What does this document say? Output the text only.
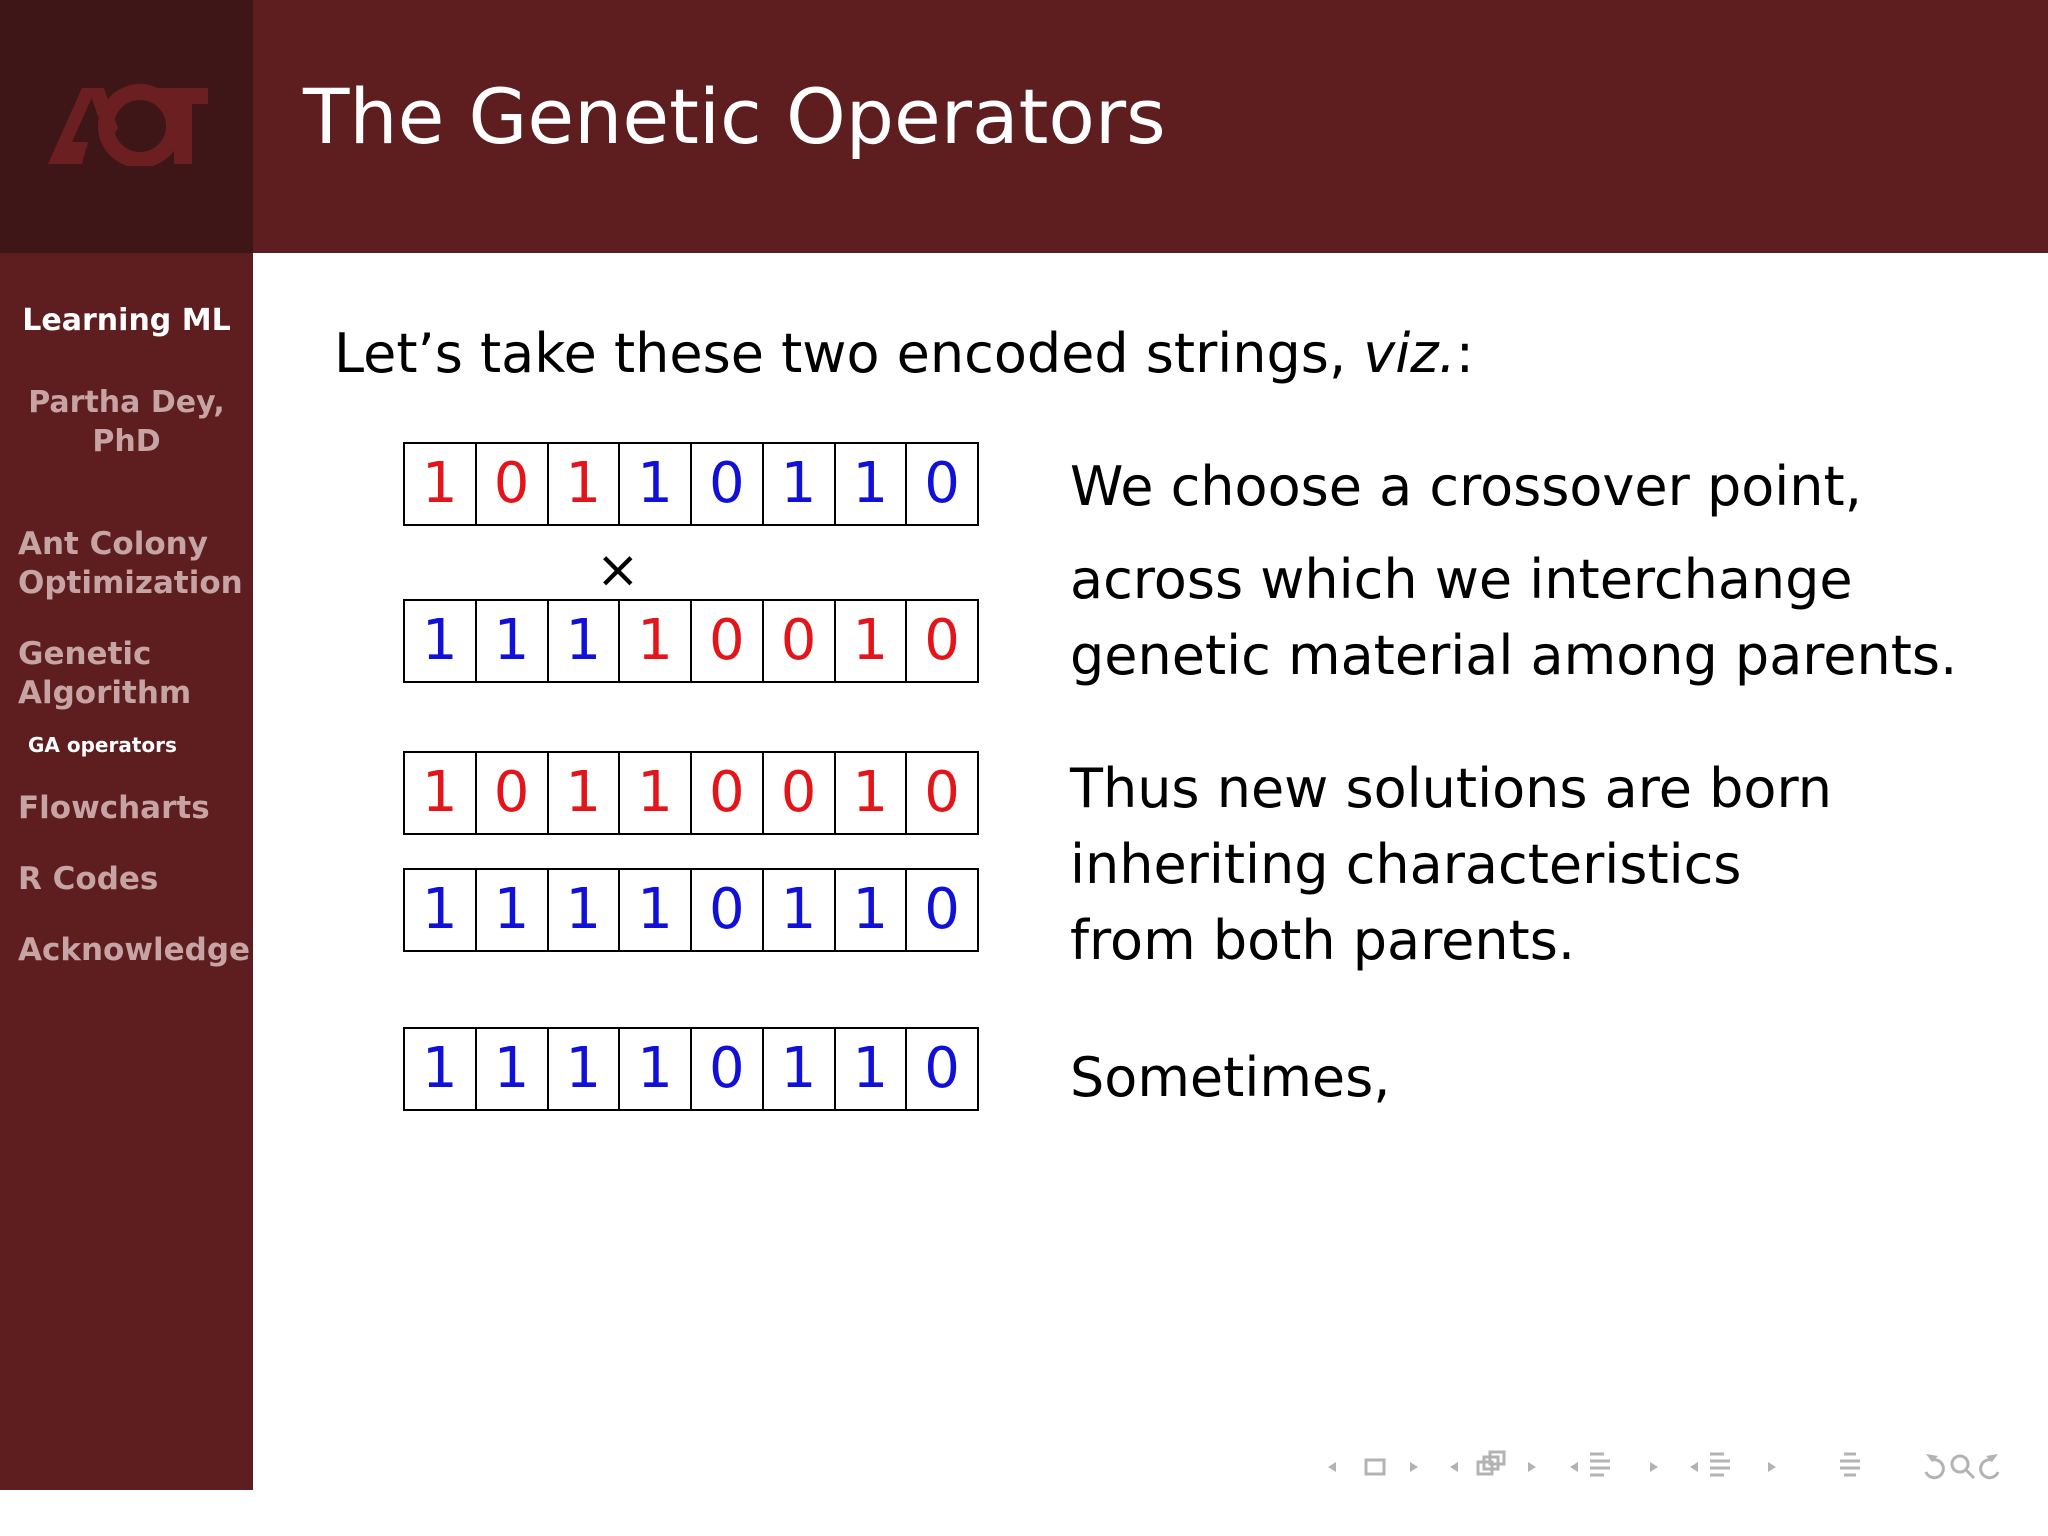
The Genetic Operators

Learning ML

Partha Dey,
PhD
Ant Colony
Optimization
Genetic
Algorithm

GA operators

Flowcharts

R Codes

Acknowledge

Let’s take these two encoded strings, viz.:

1 0 1 1 0 1 1 0

×

1 1 1 1 0 0 1 0
1 0 1 1 0 0 1 0
1 1 1 1 0 1 1 0
1 1 1 1 0 1 1 0

We choose a crossover point,

across which we interchange

genetic material among parents.

Thus new solutions are born

inheriting characteristics

from both parents.

Sometimes,
